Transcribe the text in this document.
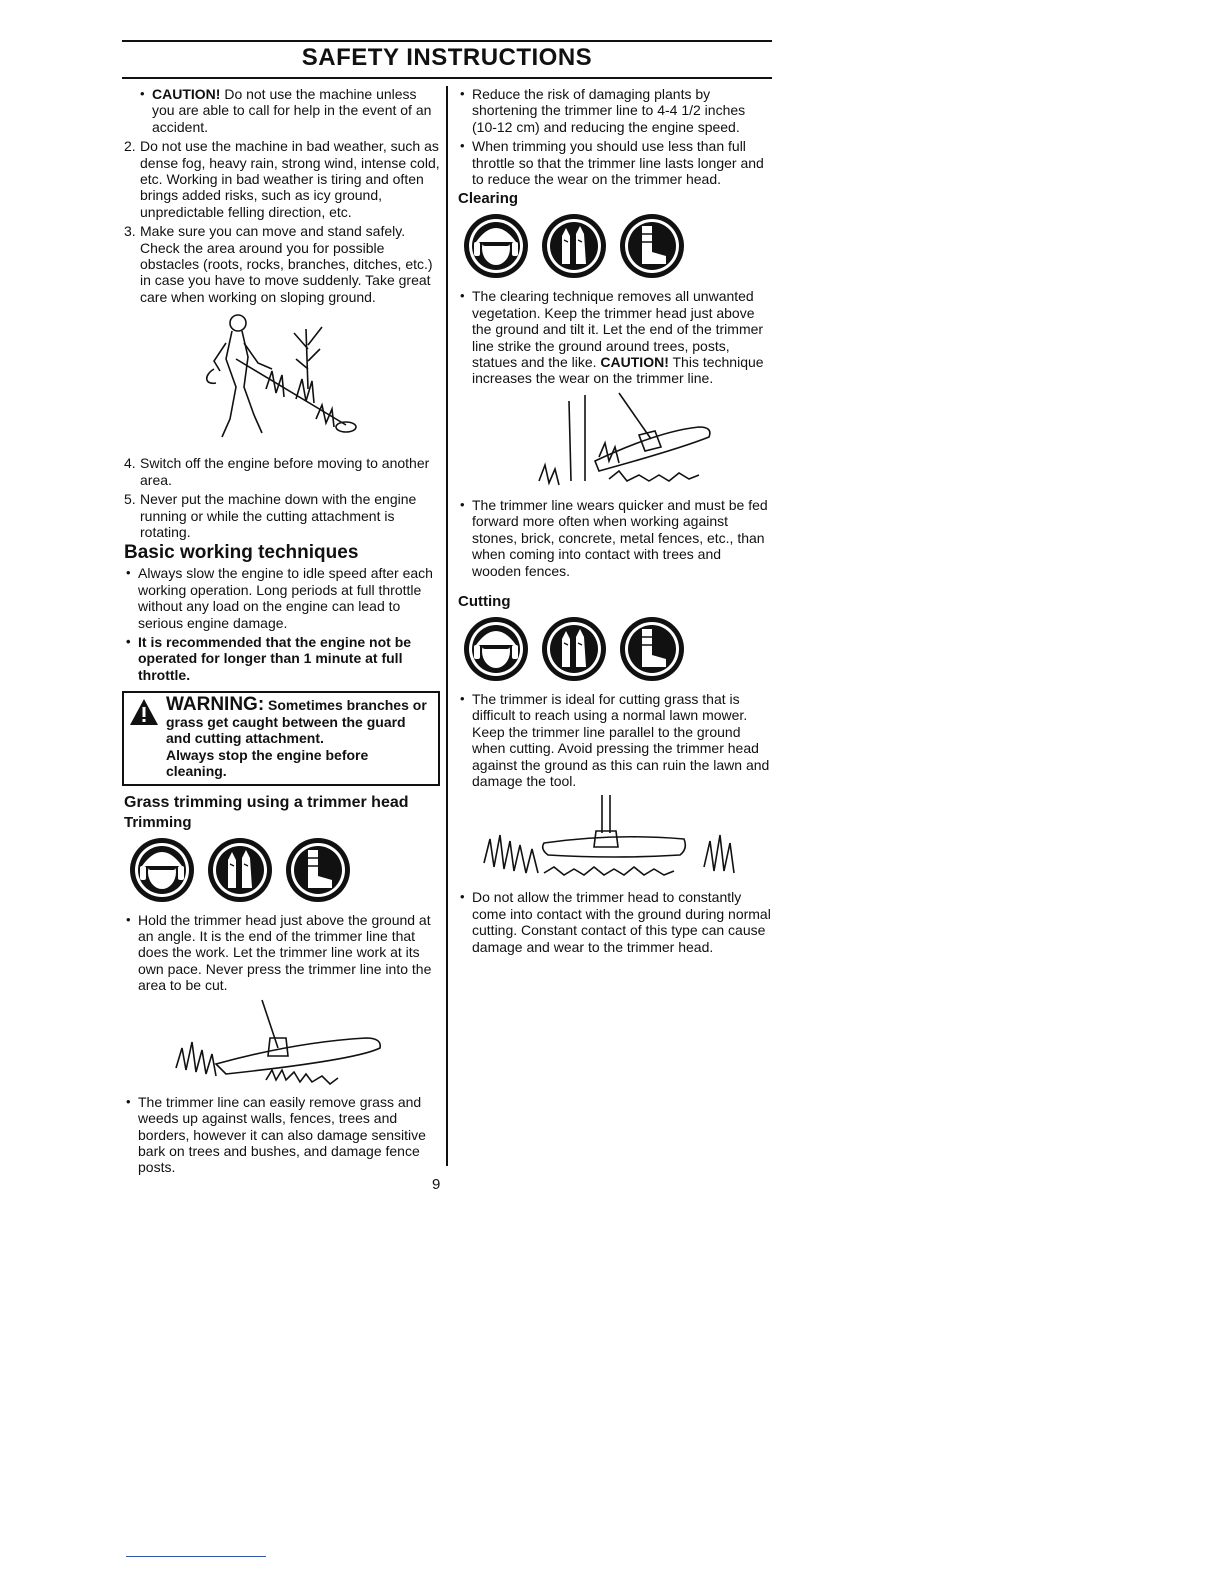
SAFETY INSTRUCTIONS
• CAUTION! Do not use the machine unless you are able to call for help in the event of an accident.
2. Do not use the machine in bad weather, such as dense fog, heavy rain, strong wind, intense cold, etc. Working in bad weather is tiring and often brings added risks, such as icy ground, unpredictable felling direction, etc.
3. Make sure you can move and stand safely. Check the area around you for possible obstacles (roots, rocks, branches, ditches, etc.) in case you have to move suddenly. Take great care when working on sloping ground.
4. Switch off the engine before moving to another area.
5. Never put the machine down with the engine running or while the cutting attachment is rotating.
Basic working techniques
• Always slow the engine to idle speed after each working operation. Long periods at full throttle without any load on the engine can lead to serious engine damage.
• It is recommended that the engine not be operated for longer than 1 minute at full throttle.
WARNING: Sometimes branches or grass get caught between the guard and cutting attachment.
Always stop the engine before cleaning.
Grass trimming using a trimmer head
Trimming
• Hold the trimmer head just above the ground at an angle. It is the end of the trimmer line that does the work. Let the trimmer line work at its own pace. Never press the trimmer line into the area to be cut.
• The trimmer line can easily remove grass and weeds up against walls, fences, trees and borders, however it can also damage sensitive bark on trees and bushes, and damage fence posts.
• Reduce the risk of damaging plants by shortening the trimmer line to 4-4 1/2 inches (10-12 cm) and reducing the engine speed.
• When trimming you should use less than full throttle so that the trimmer line lasts longer and to reduce the wear on the trimmer head.
Clearing
• The clearing technique removes all unwanted vegetation. Keep the trimmer head just above the ground and tilt it. Let the end of the trimmer line strike the ground around trees, posts, statues and the like. CAUTION! This technique increases the wear on the trimmer line.
• The trimmer line wears quicker and must be fed forward more often when working against stones, brick, concrete, metal fences, etc., than when coming into contact with trees and wooden fences.
Cutting
• The trimmer is ideal for cutting grass that is difficult to reach using a normal lawn mower. Keep the trimmer line parallel to the ground when cutting. Avoid pressing the trimmer head against the ground as this can ruin the lawn and damage the tool.
• Do not allow the trimmer head to constantly come into contact with the ground during normal cutting. Constant contact of this type can cause damage and wear to the trimmer head.
9
